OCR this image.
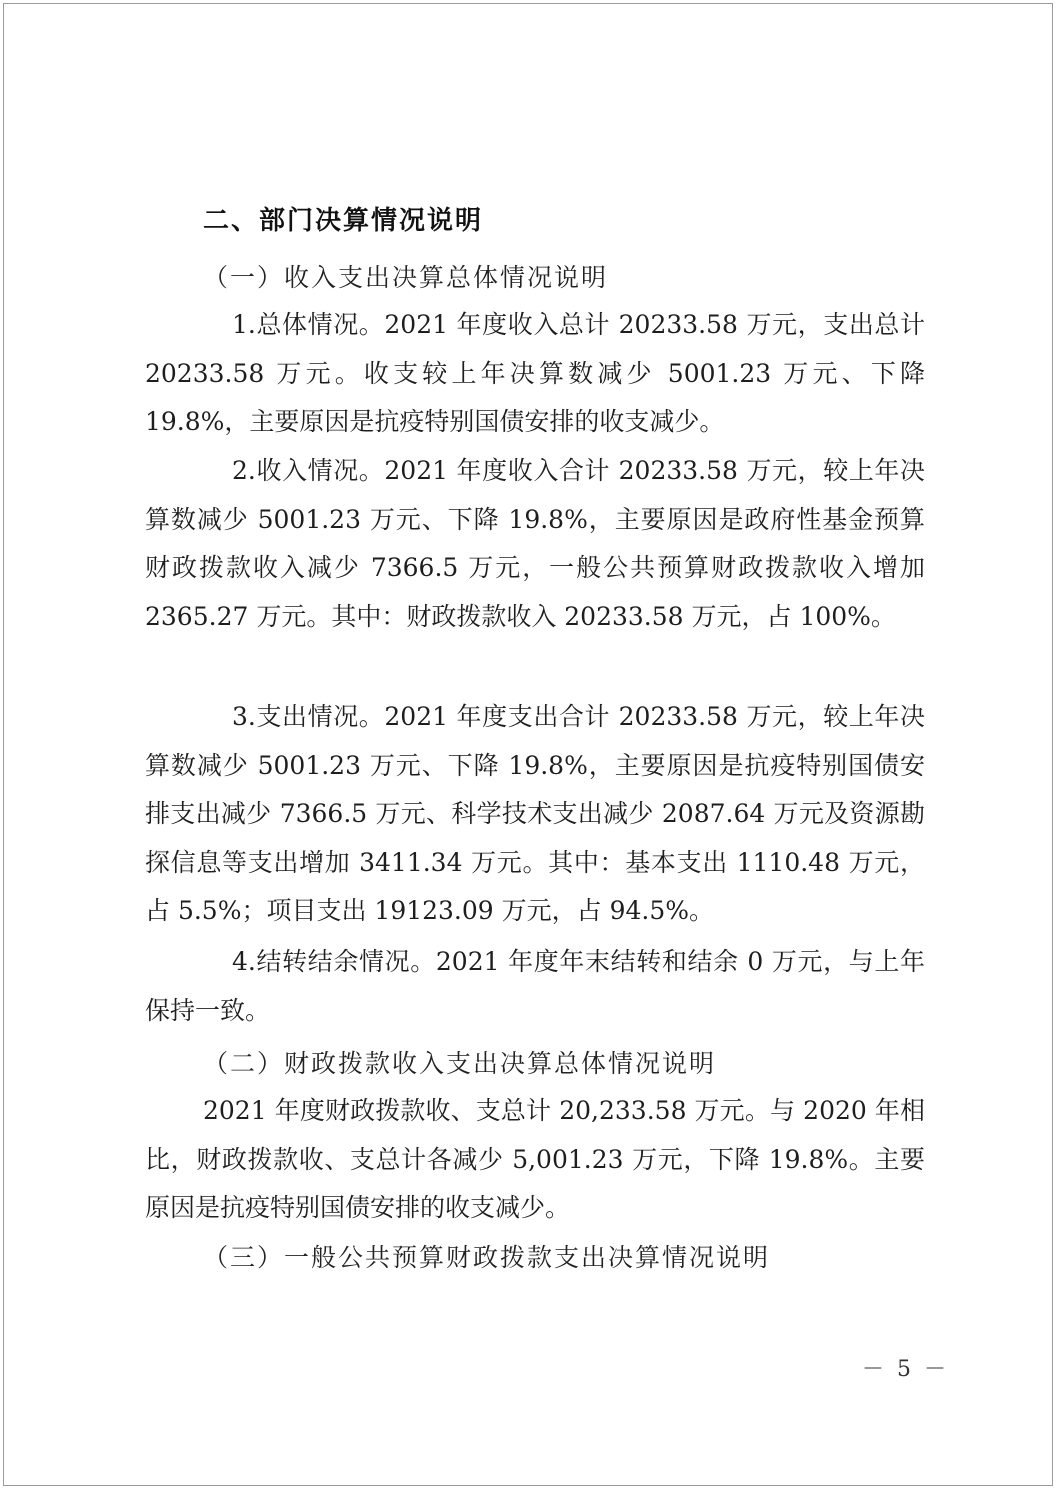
二、部门决算情况说明
（一）收入支出决算总体情况说明

1.总体情况。2021 年度收入总计 20233.58 万元，支出总计 20233.58 万元。收支较上年决算数减少 5001.23 万元、下降 19.8%，主要原因是抗疫特别国债安排的收支减少。

2.收入情况。2021 年度收入合计 20233.58 万元，较上年决算数减少 5001.23 万元、下降 19.8%，主要原因是政府性基金预算财政拨款收入减少 7366.5 万元，一般公共预算财政拨款收入增加 2365.27 万元。其中：财政拨款收入 20233.58 万元，占 100%。

3.支出情况。2021 年度支出合计 20233.58 万元，较上年决算数减少 5001.23 万元、下降 19.8%，主要原因是抗疫特别国债安排支出减少 7366.5 万元、科学技术支出减少 2087.64 万元及资源勘探信息等支出增加 3411.34 万元。其中：基本支出 1110.48 万元，占 5.5%；项目支出 19123.09 万元，占 94.5%。

4.结转结余情况。2021 年度年末结转和结余 0 万元，与上年保持一致。

（二）财政拨款收入支出决算总体情况说明

2021 年度财政拨款收、支总计 20,233.58 万元。与 2020 年相比，财政拨款收、支总计各减少 5,001.23 万元，下降 19.8%。主要原因是抗疫特别国债安排的收支减少。

（三）一般公共预算财政拨款支出决算情况说明
－ 5 －
